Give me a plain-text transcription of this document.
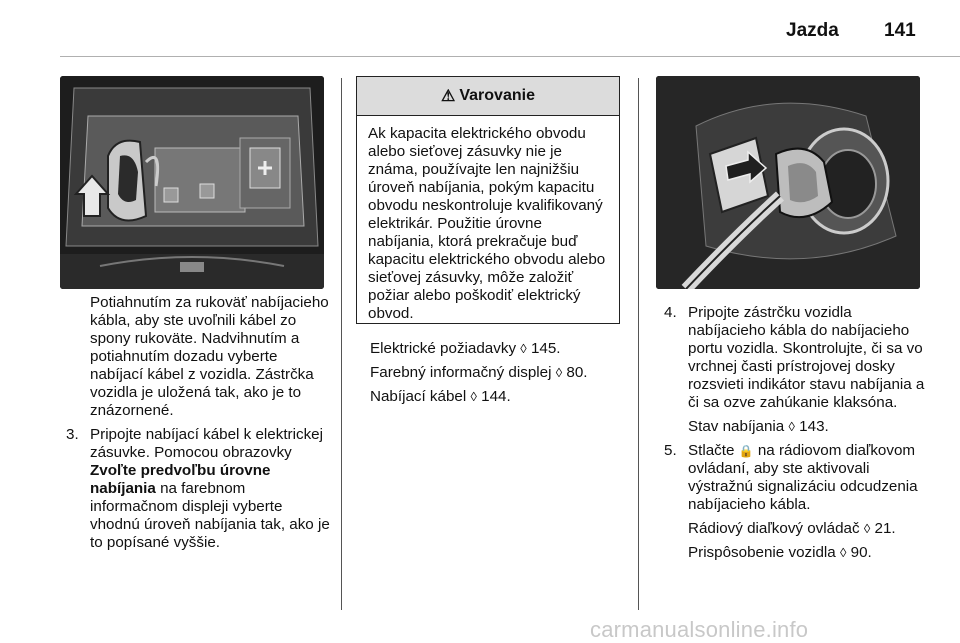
Jazda 141

Potiahnutím za rukoväť nabíjacieho kábla, aby ste uvoľnili kábel zo spony rukoväte. Nadvihnutím a potiahnutím dozadu vyberte nabíjací kábel z vozidla. Zástrčka vozidla je uložená tak, ako je to znázornené.

3. Pripojte nabíjací kábel k elektrickej zásuvke. Pomocou obrazovky Zvoľte predvoľbu úrovne nabíjania na farebnom informačnom displeji vyberte vhodnú úroveň nabíjania tak, ako je to popísané vyššie.
⚠ Varovanie
Ak kapacita elektrického obvodu alebo sieťovej zásuvky nie je známa, používajte len najnižšiu úroveň nabíjania, pokým kapacitu obvodu neskontroluje kvalifikovaný elektrikár. Použitie úrovne nabíjania, ktorá prekračuje buď kapacitu elektrického obvodu alebo sieťovej zásuvky, môže založiť požiar alebo poškodiť elektrický obvod.

Elektrické požiadavky ◊ 145.

Farebný informačný displej ◊ 80.

Nabíjací kábel ◊ 144.

4. Pripojte zástrčku vozidla nabíjacieho kábla do nabíjacieho portu vozidla. Skontrolujte, či sa vo vrchnej časti prístrojovej dosky rozsvieti indikátor stavu nabíjania a či sa ozve zahúkanie klaksóna.

Stav nabíjania ◊ 143.

5. Stlačte 🔒 na rádiovom diaľkovom ovládaní, aby ste aktivovali výstražnú signalizáciu odcudzenia nabíjacieho kábla.

Rádiový diaľkový ovládač ◊ 21.

Prispôsobenie vozidla ◊ 90.

carmanualsonline.info
